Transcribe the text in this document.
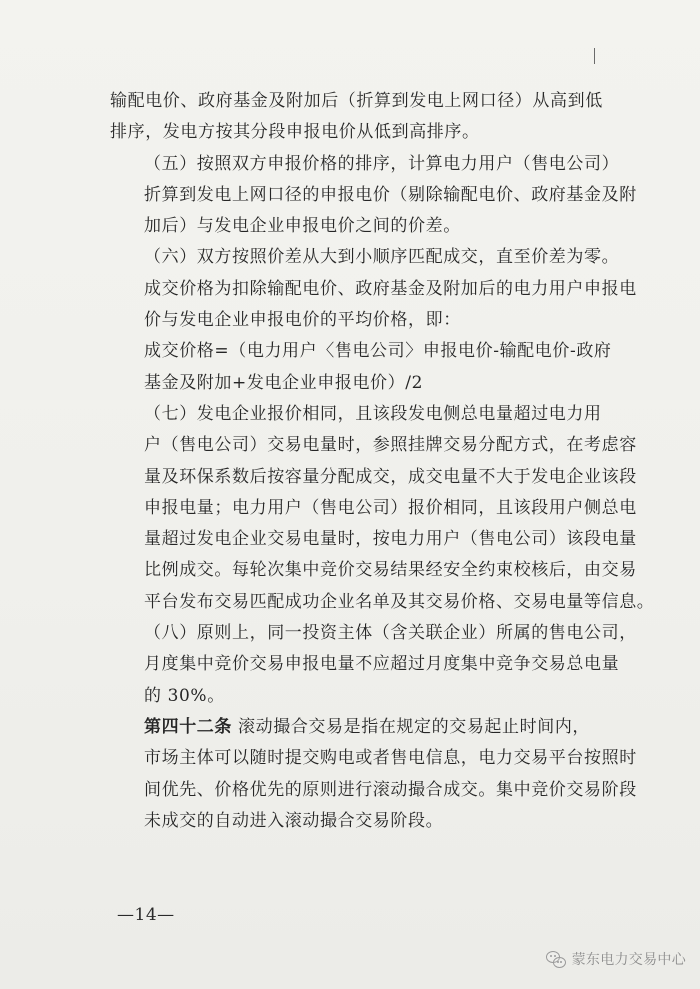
输配电价、政府基金及附加后（折算到发电上网口径）从高到低
排序，发电方按其分段申报电价从低到高排序。

（五）按照双方申报价格的排序，计算电力用户（售电公司）
折算到发电上网口径的申报电价（剔除输配电价、政府基金及附
加后）与发电企业申报电价之间的价差。

（六）双方按照价差从大到小顺序匹配成交，直至价差为零。
成交价格为扣除输配电价、政府基金及附加后的电力用户申报电
价与发电企业申报电价的平均价格，即：

成交价格=（电力用户〈售电公司〉申报电价-输配电价-政府
基金及附加+发电企业申报电价）/2

（七）发电企业报价相同，且该段发电侧总电量超过电力用
户（售电公司）交易电量时，参照挂牌交易分配方式，在考虑容
量及环保系数后按容量分配成交，成交电量不大于发电企业该段
申报电量；电力用户（售电公司）报价相同，且该段用户侧总电
量超过发电企业交易电量时，按电力用户（售电公司）该段电量
比例成交。每轮次集中竞价交易结果经安全约束校核后，由交易
平台发布交易匹配成功企业名单及其交易价格、交易电量等信息。

（八）原则上，同一投资主体（含关联企业）所属的售电公司，
月度集中竞价交易申报电量不应超过月度集中竞争交易总电量
的 30%。

第四十二条 滚动撮合交易是指在规定的交易起止时间内，
市场主体可以随时提交购电或者售电信息，电力交易平台按照时
间优先、价格优先的原则进行滚动撮合成交。集中竞价交易阶段
未成交的自动进入滚动撮合交易阶段。

—14—
蒙东电力交易中心
